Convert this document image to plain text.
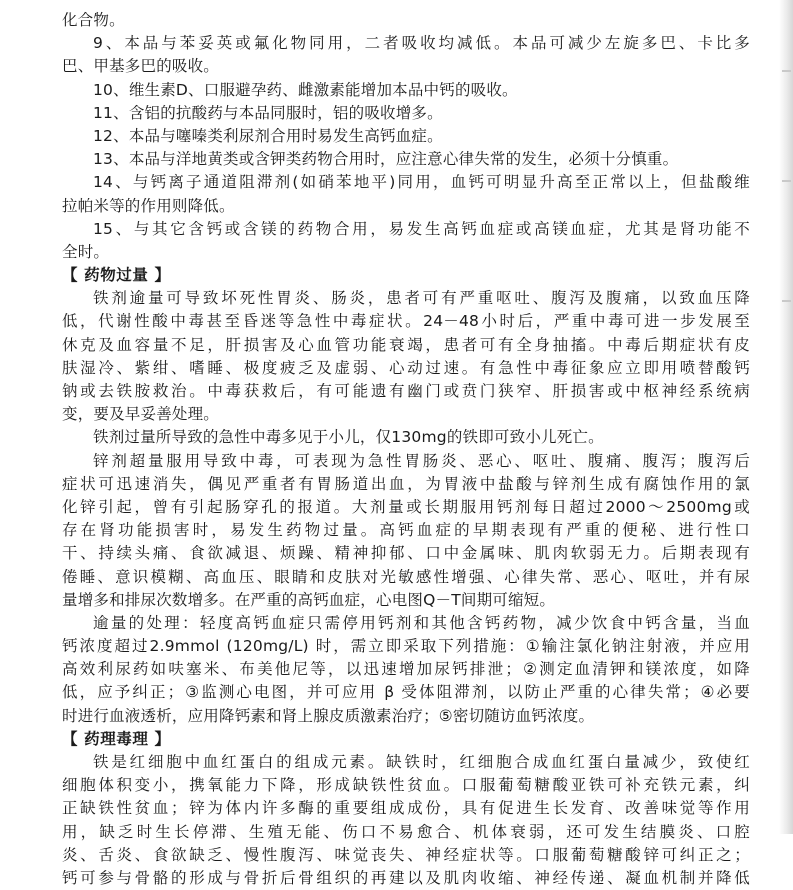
化合物。
9、本品与苯妥英或氟化物同用，二者吸收均减低。本品可减少左旋多巴、卡比多
巴、甲基多巴的吸收。
10、维生素D、口服避孕药、雌激素能增加本品中钙的吸收。
11、含铝的抗酸药与本品同服时，铝的吸收增多。
12、本品与噻嗪类利尿剂合用时易发生高钙血症。
13、本品与洋地黄类或含钾类药物合用时，应注意心律失常的发生，必须十分慎重。
14、与钙离子通道阻滞剂(如硝苯地平)同用，血钙可明显升高至正常以上，但盐酸维
拉帕米等的作用则降低。
15、与其它含钙或含镁的药物合用，易发生高钙血症或高镁血症，尤其是肾功能不
全时。
【 药物过量 】
铁剂逾量可导致坏死性胃炎、肠炎，患者可有严重呕吐、腹泻及腹痛，以致血压降
低，代谢性酸中毒甚至昏迷等急性中毒症状。24－48小时后，严重中毒可进一步发展至
休克及血容量不足，肝损害及心血管功能衰竭，患者可有全身抽搐。中毒后期症状有皮
肤湿冷、紫绀、嗜睡、极度疲乏及虚弱、心动过速。有急性中毒征象应立即用喷替酸钙
钠或去铁胺救治。中毒获救后，有可能遗有幽门或贲门狭窄、肝损害或中枢神经系统病
变，要及早妥善处理。
铁剂过量所导致的急性中毒多见于小儿，仅130mg的铁即可致小儿死亡。
锌剂超量服用导致中毒，可表现为急性胃肠炎、恶心、呕吐、腹痛、腹泻；腹泻后
症状可迅速消失，偶见严重者有胃肠道出血，为胃液中盐酸与锌剂生成有腐蚀作用的氯
化锌引起，曾有引起肠穿孔的报道。大剂量或长期服用钙剂每日超过2000～2500mg或
存在肾功能损害时，易发生药物过量。高钙血症的早期表现有严重的便秘、进行性口
干、持续头痛、食欲减退、烦躁、精神抑郁、口中金属味、肌肉软弱无力。后期表现有
倦睡、意识模糊、高血压、眼睛和皮肤对光敏感性增强、心律失常、恶心、呕吐，并有尿
量增多和排尿次数增多。在严重的高钙血症，心电图Q－T间期可缩短。
逾量的处理：轻度高钙血症只需停用钙剂和其他含钙药物，减少饮食中钙含量，当血
钙浓度超过2.9mmol (120mg/L) 时，需立即采取下列措施：①输注氯化钠注射液，并应用
高效利尿药如呋塞米、布美他尼等，以迅速增加尿钙排泄；②测定血清钾和镁浓度，如降
低，应予纠正；③监测心电图，并可应用 β 受体阻滞剂，以防止严重的心律失常；④必要
时进行血液透析，应用降钙素和肾上腺皮质激素治疗；⑤密切随访血钙浓度。
【 药理毒理 】
铁是红细胞中血红蛋白的组成元素。缺铁时，红细胞合成血红蛋白量减少，致使红
细胞体积变小，携氧能力下降，形成缺铁性贫血。口服葡萄糖酸亚铁可补充铁元素，纠
正缺铁性贫血；锌为体内许多酶的重要组成成份，具有促进生长发育、改善味觉等作用
用，缺乏时生长停滞、生殖无能、伤口不易愈合、机体衰弱，还可发生结膜炎、口腔
炎、舌炎、食欲缺乏、慢性腹泻、味觉丧失、神经症状等。口服葡萄糖酸锌可纠正之；
钙可参与骨骼的形成与骨折后骨组织的再建以及肌肉收缩、神经传递、凝血机制并降低
